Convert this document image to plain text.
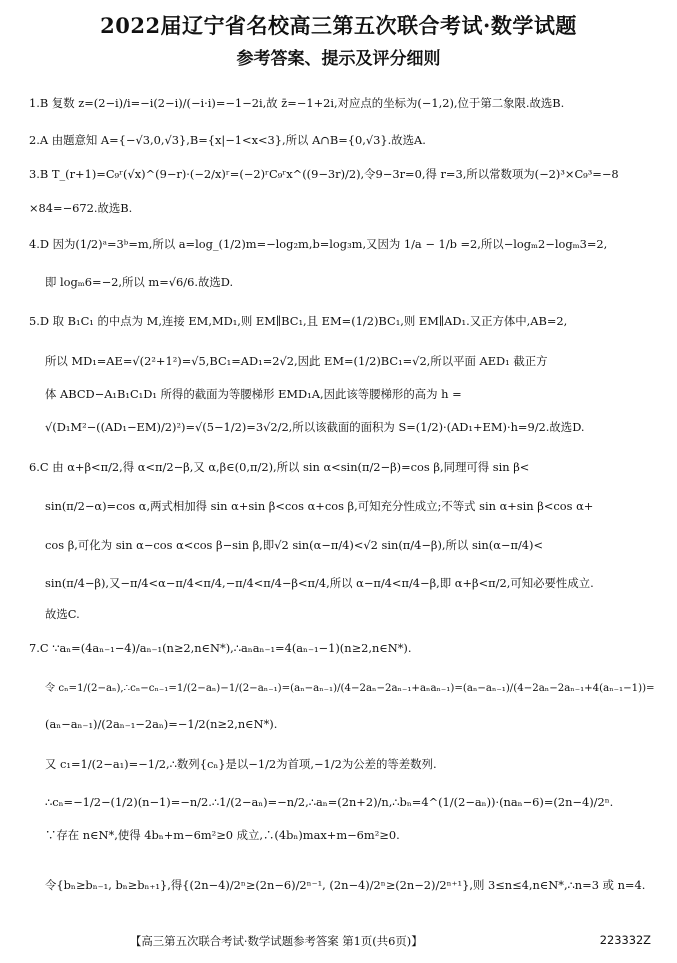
2022届辽宁省名校高三第五次联合考试·数学试题
参考答案、提示及评分细则
1.B 复数 z=(2−i)/i=−i(2−i)/(−i·i)=−1−2i,故 z̄=−1+2i,对应点的坐标为(−1,2),位于第二象限.故选B.
2.A 由题意知 A={−√3,0,√3},B={x|−1<x<3},所以 A∩B={0,√3}.故选A.
3.B T_(r+1)=C₉ʳ(√x)^(9−r)·(−2/x)ʳ=(−2)ʳC₉ʳx^((9−3r)/2),令9−3r=0,得 r=3,所以常数项为(−2)³×C₉³=−8
×84=−672.故选B.
4.D 因为(1/2)ᵃ=3ᵇ=m,所以 a=log_(1/2)m=−log₂m,b=log₃m,又因为 1/a − 1/b =2,所以−logₘ2−logₘ3=2,
即 logₘ6=−2,所以 m=√6/6.故选D.
5.D 取 B₁C₁ 的中点为 M,连接 EM,MD₁,则 EM∥BC₁,且 EM=(1/2)BC₁,则 EM∥AD₁.又正方体中,AB=2,
所以 MD₁=AE=√(2²+1²)=√5,BC₁=AD₁=2√2,因此 EM=(1/2)BC₁=√2,所以平面 AED₁ 截正方
体 ABCD−A₁B₁C₁D₁ 所得的截面为等腰梯形 EMD₁A,因此该等腰梯形的高为 h =
√(D₁M²−((AD₁−EM)/2)²)=√(5−1/2)=3√2/2,所以该截面的面积为 S=(1/2)·(AD₁+EM)·h=9/2.故选D.
6.C 由 α+β<π/2,得 α<π/2−β,又 α,β∈(0,π/2),所以 sin α<sin(π/2−β)=cos β,同理可得 sin β<
sin(π/2−α)=cos α,两式相加得 sin α+sin β<cos α+cos β,可知充分性成立;不等式 sin α+sin β<cos α+
cos β,可化为 sin α−cos α<cos β−sin β,即√2 sin(α−π/4)<√2 sin(π/4−β),所以 sin(α−π/4)<
sin(π/4−β),又−π/4<α−π/4<π/4,−π/4<π/4−β<π/4,所以 α−π/4<π/4−β,即 α+β<π/2,可知必要性成立.
故选C.
7.C ∵aₙ=(4aₙ₋₁−4)/aₙ₋₁(n≥2,n∈N*),∴aₙaₙ₋₁=4(aₙ₋₁−1)(n≥2,n∈N*).
令 cₙ=1/(2−aₙ),∴cₙ−cₙ₋₁=1/(2−aₙ)−1/(2−aₙ₋₁)=(aₙ−aₙ₋₁)/(4−2aₙ−2aₙ₋₁+aₙaₙ₋₁)=(aₙ−aₙ₋₁)/(4−2aₙ−2aₙ₋₁+4(aₙ₋₁−1))=
(aₙ−aₙ₋₁)/(2aₙ₋₁−2aₙ)=−1/2(n≥2,n∈N*).
又 c₁=1/(2−a₁)=−1/2,∴数列{cₙ}是以−1/2为首项,−1/2为公差的等差数列.
∴cₙ=−1/2−(1/2)(n−1)=−n/2.∴1/(2−aₙ)=−n/2,∴aₙ=(2n+2)/n,∴bₙ=4^(1/(2−aₙ))·(naₙ−6)=(2n−4)/2ⁿ.
∵存在 n∈N*,使得 4bₙ+m−6m²≥0 成立,∴(4bₙ)max+m−6m²≥0.
令{bₙ≥bₙ₋₁, bₙ≥bₙ₊₁},得{(2n−4)/2ⁿ≥(2n−6)/2ⁿ⁻¹, (2n−4)/2ⁿ≥(2n−2)/2ⁿ⁺¹},则 3≤n≤4,n∈N*,∴n=3 或 n=4.
【高三第五次联合考试·数学试题参考答案 第1页(共6页)】	223332Z
